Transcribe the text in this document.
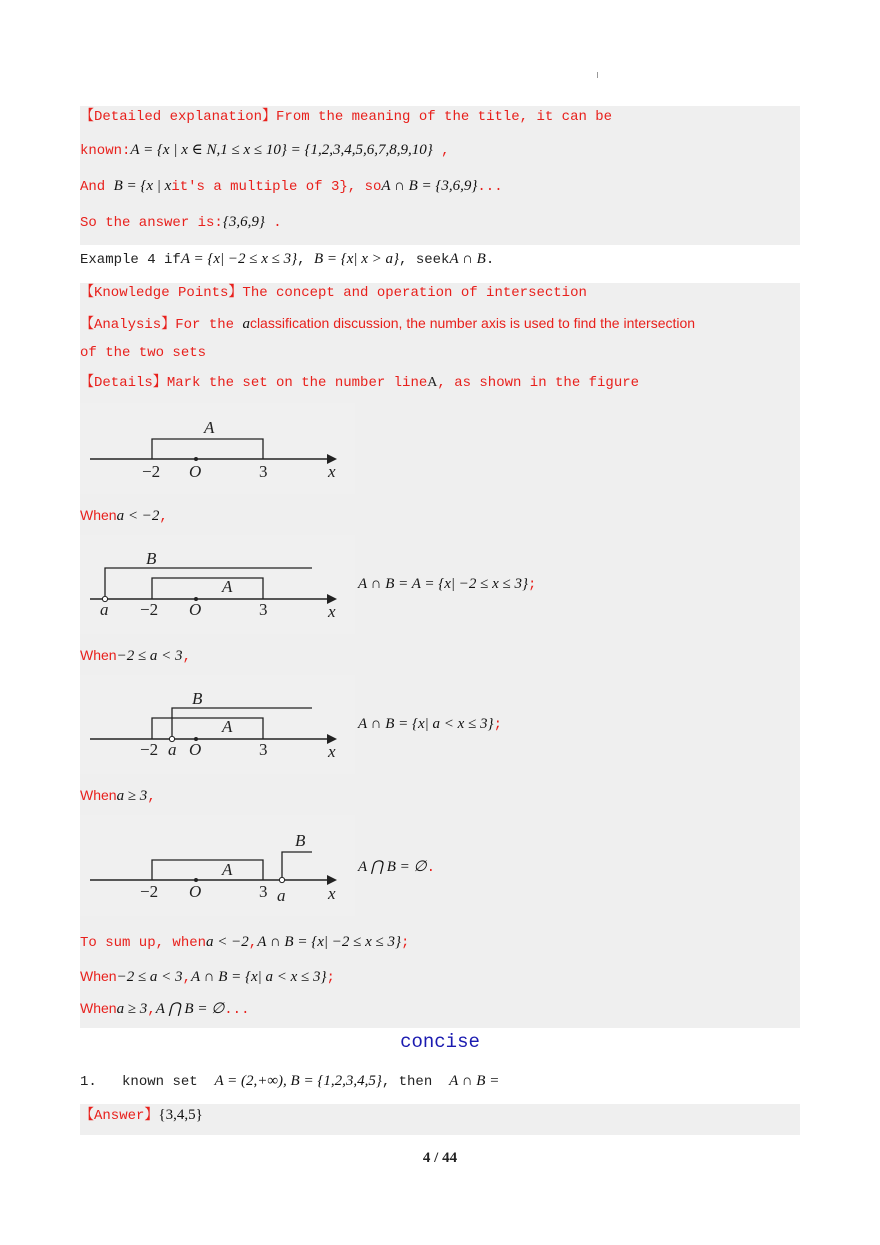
【Detailed explanation】From the meaning of the title, it can be
known:A = {x | x ∈ N,1 ≤ x ≤ 10} = {1,2,3,4,5,6,7,8,9,10} ,
And B = {x | xit's a multiple of 3}, soA ∩ B = {3,6,9}...
So the answer is:{3,6,9} .
Example 4 ifA = {x| −2 ≤ x ≤ 3}, B = {x| x > a}, seekA ∩ B.
【Knowledge Points】The concept and operation of intersection
【Analysis】For the aclassification discussion, the number axis is used to find the intersection
of the two sets
【Details】Mark the set on the number lineA, as shown in the figure
A
−2 O	3	x
Whena < −2,
B
A
a −2 O	3	x
A ∩ B = A = {x| −2 ≤ x ≤ 3};
When−2 ≤ a < 3,
B
A
−2 a O	3	x
A ∩ B = {x| a < x ≤ 3};
Whena ≥ 3,
B
A
−2 O	3 a	x
A ⋂ B = ∅.
To sum up, whena < −2,A ∩ B = {x| −2 ≤ x ≤ 3};
When−2 ≤ a < 3,A ∩ B = {x| a < x ≤ 3};
Whena ≥ 3,A ⋂ B = ∅...
concise
1. known set A = (2,+∞), B = {1,2,3,4,5}, then A ∩ B =
【Answer】{3,4,5}
4 / 44
